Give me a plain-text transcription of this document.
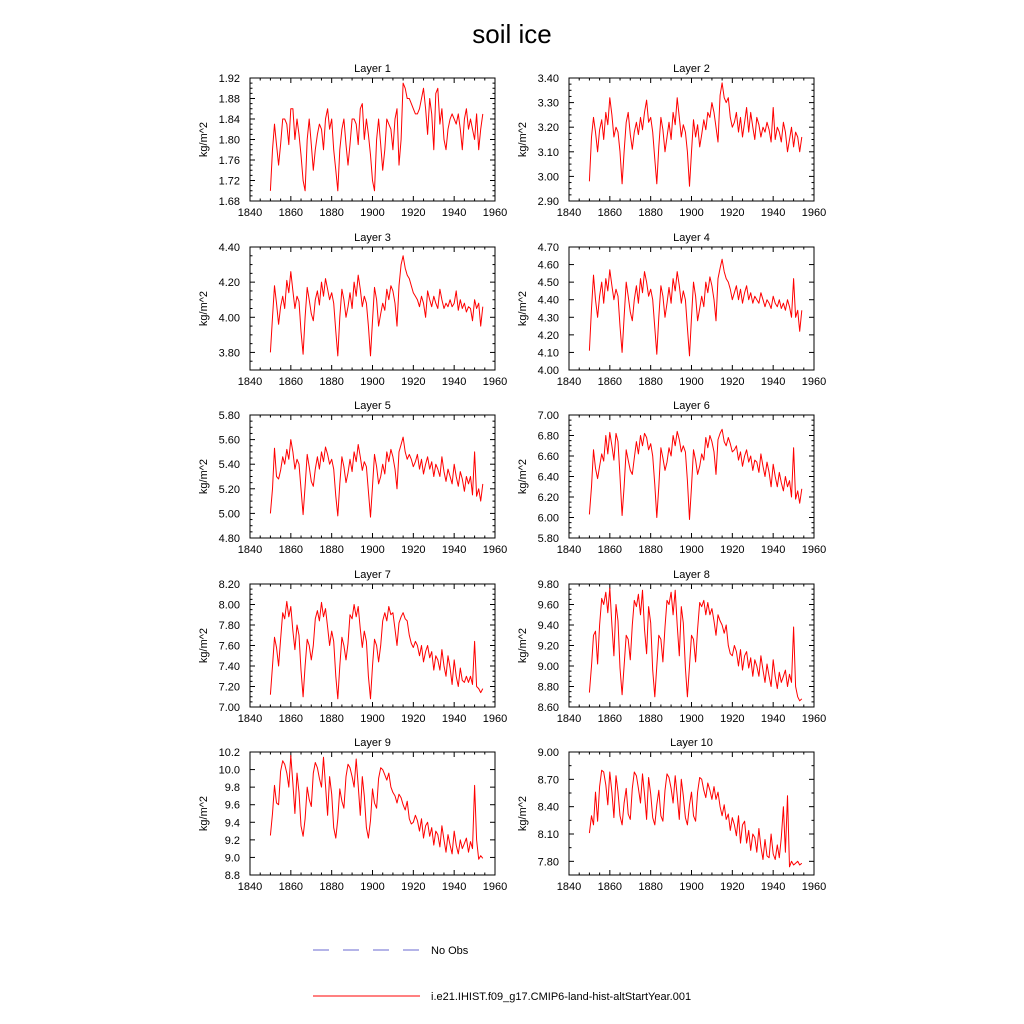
soil ice
Layer 1
kg/m^2
1840 1860 1880 1900 1920 1940 1960
1.68
1.72
1.76
1.80
1.84
1.88
1.92
Layer 2
kg/m^2
1840 1860 1880 1900 1920 1940 1960
2.90
3.00
3.10
3.20
3.30
3.40
Layer 3
kg/m^2
1840 1860 1880 1900 1920 1940 1960
3.80
4.00
4.20
4.40
Layer 4
kg/m^2
1840 1860 1880 1900 1920 1940 1960
4.00
4.10
4.20
4.30
4.40
4.50
4.60
4.70
Layer 5
kg/m^2
1840 1860 1880 1900 1920 1940 1960
4.80
5.00
5.20
5.40
5.60
5.80
Layer 6
kg/m^2
1840 1860 1880 1900 1920 1940 1960
5.80
6.00
6.20
6.40
6.60
6.80
7.00
Layer 7
kg/m^2
1840 1860 1880 1900 1920 1940 1960
7.00
7.20
7.40
7.60
7.80
8.00
8.20
Layer 8
kg/m^2
1840 1860 1880 1900 1920 1940 1960
8.60
8.80
9.00
9.20
9.40
9.60
9.80
Layer 9
kg/m^2
1840 1860 1880 1900 1920 1940 1960
8.8
9.0
9.2
9.4
9.6
9.8
10.0
10.2
Layer 10
kg/m^2
1840 1860 1880 1900 1920 1940 1960
7.80
8.10
8.40
8.70
9.00
No Obs
i.e21.IHIST.f09_g17.CMIP6-land-hist-altStartYear.001
